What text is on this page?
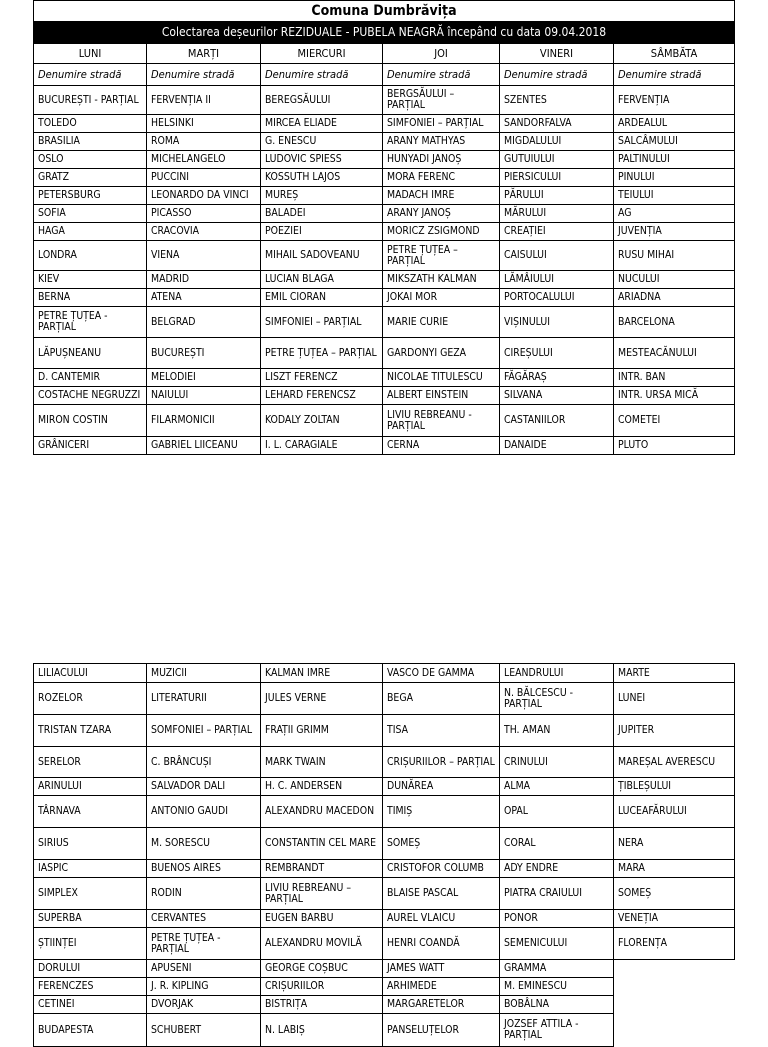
Comuna Dumbrăvița					
Colectarea deșeurilor REZIDUALE - PUBELA NEAGRĂ începând cu data 09.04.2018					
LUNI	MARȚI	MIERCURI	JOI	VINERI	SÂMBĂTA
Denumire stradă	Denumire stradă	Denumire stradă	Denumire stradă	Denumire stradă	Denumire stradă
BUCUREȘTI - PARȚIAL	FERVENȚIA II	BEREGSĂULUI	BERGSĂULUI – PARȚIAL	SZENTES	FERVENȚIA
TOLEDO	HELSINKI	MIRCEA ELIADE	SIMFONIEI – PARȚIAL	SANDORFALVA	ARDEALUL
BRASILIA	ROMA	G. ENESCU	ARANY MATHYAS	MIGDALULUI	SALCÂMULUI
OSLO	MICHELANGELO	LUDOVIC SPIESS	HUNYADI JANOȘ	GUTUIULUI	PALTINULUI
GRATZ	PUCCINI	KOSSUTH LAJOS	MORA FERENC	PIERSICULUI	PINULUI
PETERSBURG	LEONARDO DA VINCI	MUREȘ	MADACH IMRE	PĂRULUI	TEIULUI
SOFIA	PICASSO	BALADEI	ARANY JANOȘ	MĂRULUI	AG
HAGA	CRACOVIA	POEZIEI	MORICZ ZSIGMOND	CREAȚIEI	JUVENȚIA
LONDRA	VIENA	MIHAIL SADOVEANU	PETRE ȚUȚEA – PARȚIAL	CAISULUI	RUSU MIHAI
KIEV	MADRID	LUCIAN BLAGA	MIKSZATH KALMAN	LĂMÂIULUI	NUCULUI
BERNA	ATENA	EMIL CIORAN	JOKAI MOR	PORTOCALULUI	ARIADNA
PETRE ȚUȚEA - PARȚIAL	BELGRAD	SIMFONIEI – PARȚIAL	MARIE CURIE	VIȘINULUI	BARCELONA
LĂPUȘNEANU	BUCUREȘTI	PETRE ȚUȚEA – PARȚIAL	GARDONYI GEZA	CIREȘULUI	MESTEACĂNULUI
D. CANTEMIR	MELODIEI	LISZT FERENCZ	NICOLAE TITULESCU	FĂGĂRAȘ	INTR. BAN
COSTACHE NEGRUZZI	NAIULUI	LEHARD FERENCSZ	ALBERT EINSTEIN	SILVANA	INTR. URSA MICĂ
MIRON COSTIN	FILARMONICII	KODALY ZOLTAN	LIVIU REBREANU - PARȚIAL	CASTANIILOR	COMETEI
GRÂNICERI	GABRIEL LIICEANU	I. L. CARAGIALE	CERNA	DANAIDE	PLUTO
LILIACULUI	MUZICII	KALMAN IMRE	VASCO DE GAMMA	LEANDRULUI	MARTE
ROZELOR	LITERATURII	JULES VERNE	BEGA	N. BĂLCESCU - PARȚIAL	LUNEI
TRISTAN TZARA	SOMFONIEI – PARȚIAL	FRAȚII GRIMM	TISA	TH. AMAN	JUPITER
SERELOR	C. BRÂNCUȘI	MARK TWAIN	CRIȘURIILOR – PARȚIAL	CRINULUI	MAREȘAL AVERESCU
ARINULUI	SALVADOR DALI	H. C. ANDERSEN	DUNĂREA	ALMA	ȚIBLEȘULUI
TÂRNAVA	ANTONIO GAUDI	ALEXANDRU MACEDON	TIMIȘ	OPAL	LUCEAFĂRULUI
SIRIUS	M. SORESCU	CONSTANTIN CEL MARE	SOMEȘ	CORAL	NERA
IASPIC	BUENOS AIRES	REMBRANDT	CRISTOFOR COLUMB	ADY ENDRE	MARA
SIMPLEX	RODIN	LIVIU REBREANU – PARȚIAL	BLAISE PASCAL	PIATRA CRAIULUI	SOMEȘ
SUPERBA	CERVANTES	EUGEN BARBU	AUREL VLAICU	PONOR	VENEȚIA
ȘTIINȚEI	PETRE ȚUȚEA - PARȚIAL	ALEXANDRU MOVILĂ	HENRI COANDĂ	SEMENICULUI	FLORENȚA
DORULUI	APUSENI	GEORGE COȘBUC	JAMES WATT	GRAMMA	
FERENCZES	J. R. KIPLING	CRIȘURIILOR	ARHIMEDE	M. EMINESCU	
CETINEI	DVORJAK	BISTRIȚA	MARGARETELOR	BOBÂLNA	
BUDAPESTA	SCHUBERT	N. LABIȘ	PANSELUȚELOR	JOZSEF ATTILA - PARȚIAL	
